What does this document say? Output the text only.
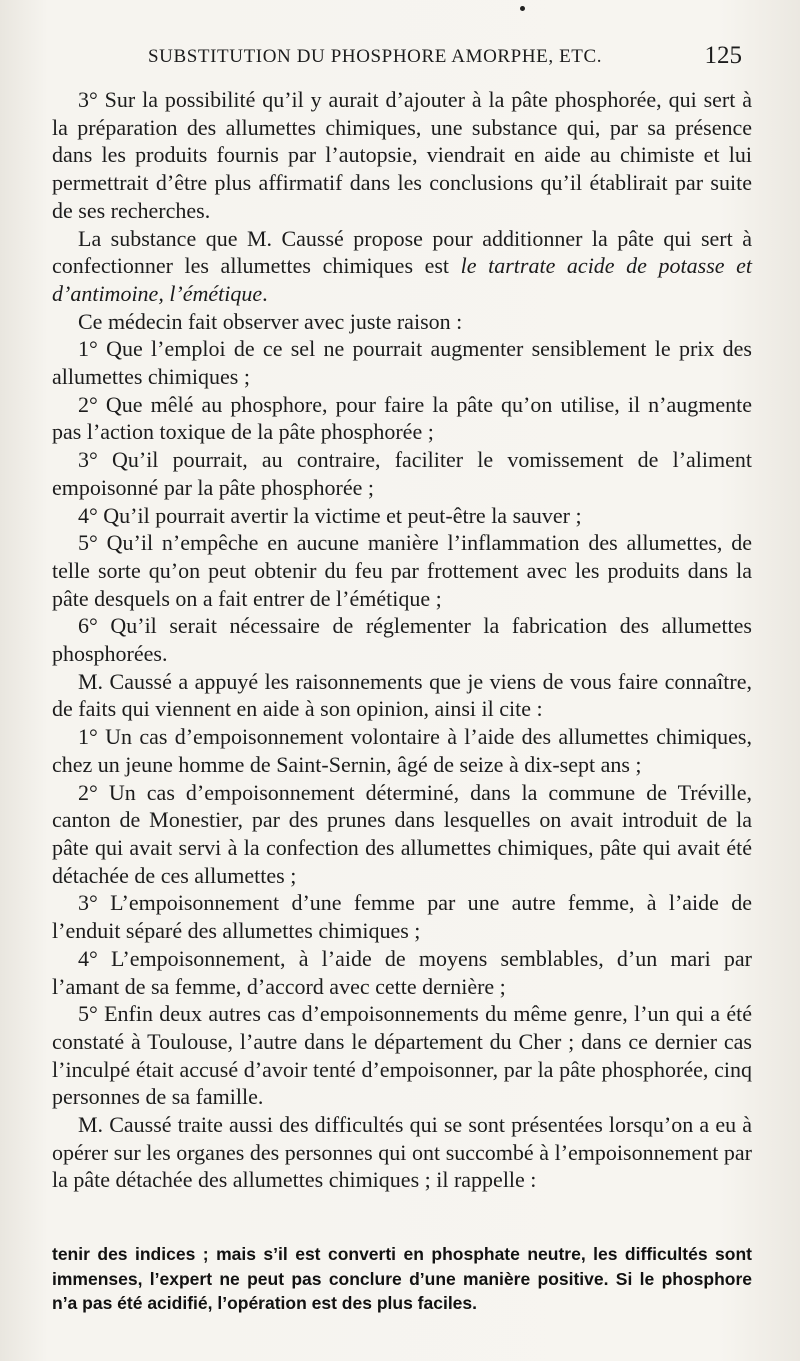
SUBSTITUTION DU PHOSPHORE AMORPHE, ETC.	125

3° Sur la possibilité qu’il y aurait d’ajouter à la pâte phosphorée, qui sert à la préparation des allumettes chimiques, une substance qui, par sa présence dans les produits fournis par l’autopsie, viendrait en aide au chimiste et lui permettrait d’être plus affirmatif dans les conclusions qu’il établirait par suite de ses recherches.

La substance que M. Caussé propose pour additionner la pâte qui sert à confectionner les allumettes chimiques est le tartrate acide de potasse et d’antimoine, l’émétique.

Ce médecin fait observer avec juste raison :

1° Que l’emploi de ce sel ne pourrait augmenter sensiblement le prix des allumettes chimiques ;

2° Que mêlé au phosphore, pour faire la pâte qu’on utilise, il n’augmente pas l’action toxique de la pâte phosphorée ;

3° Qu’il pourrait, au contraire, faciliter le vomissement de l’aliment empoisonné par la pâte phosphorée ;

4° Qu’il pourrait avertir la victime et peut-être la sauver ;

5° Qu’il n’empêche en aucune manière l’inflammation des allumettes, de telle sorte qu’on peut obtenir du feu par frottement avec les produits dans la pâte desquels on a fait entrer de l’émétique ;

6° Qu’il serait nécessaire de réglementer la fabrication des allumettes phosphorées.

M. Caussé a appuyé les raisonnements que je viens de vous faire connaître, de faits qui viennent en aide à son opinion, ainsi il cite :

1° Un cas d’empoisonnement volontaire à l’aide des allumettes chimiques, chez un jeune homme de Saint-Sernin, âgé de seize à dix-sept ans ;

2° Un cas d’empoisonnement déterminé, dans la commune de Tréville, canton de Monestier, par des prunes dans lesquelles on avait introduit de la pâte qui avait servi à la confection des allumettes chimiques, pâte qui avait été détachée de ces allumettes ;

3° L’empoisonnement d’une femme par une autre femme, à l’aide de l’enduit séparé des allumettes chimiques ;

4° L’empoisonnement, à l’aide de moyens semblables, d’un mari par l’amant de sa femme, d’accord avec cette dernière ;

5° Enfin deux autres cas d’empoisonnements du même genre, l’un qui a été constaté à Toulouse, l’autre dans le département du Cher ; dans ce dernier cas l’inculpé était accusé d’avoir tenté d’empoisonner, par la pâte phosphorée, cinq personnes de sa famille.

M. Caussé traite aussi des difficultés qui se sont présentées lorsqu’on a eu à opérer sur les organes des personnes qui ont succombé à l’empoisonnement par la pâte détachée des allumettes chimiques ; il rappelle :

tenir des indices ; mais s’il est converti en phosphate neutre, les difficultés sont immenses, l’expert ne peut pas conclure d’une manière positive. Si le phosphore n’a pas été acidifié, l’opération est des plus faciles.
